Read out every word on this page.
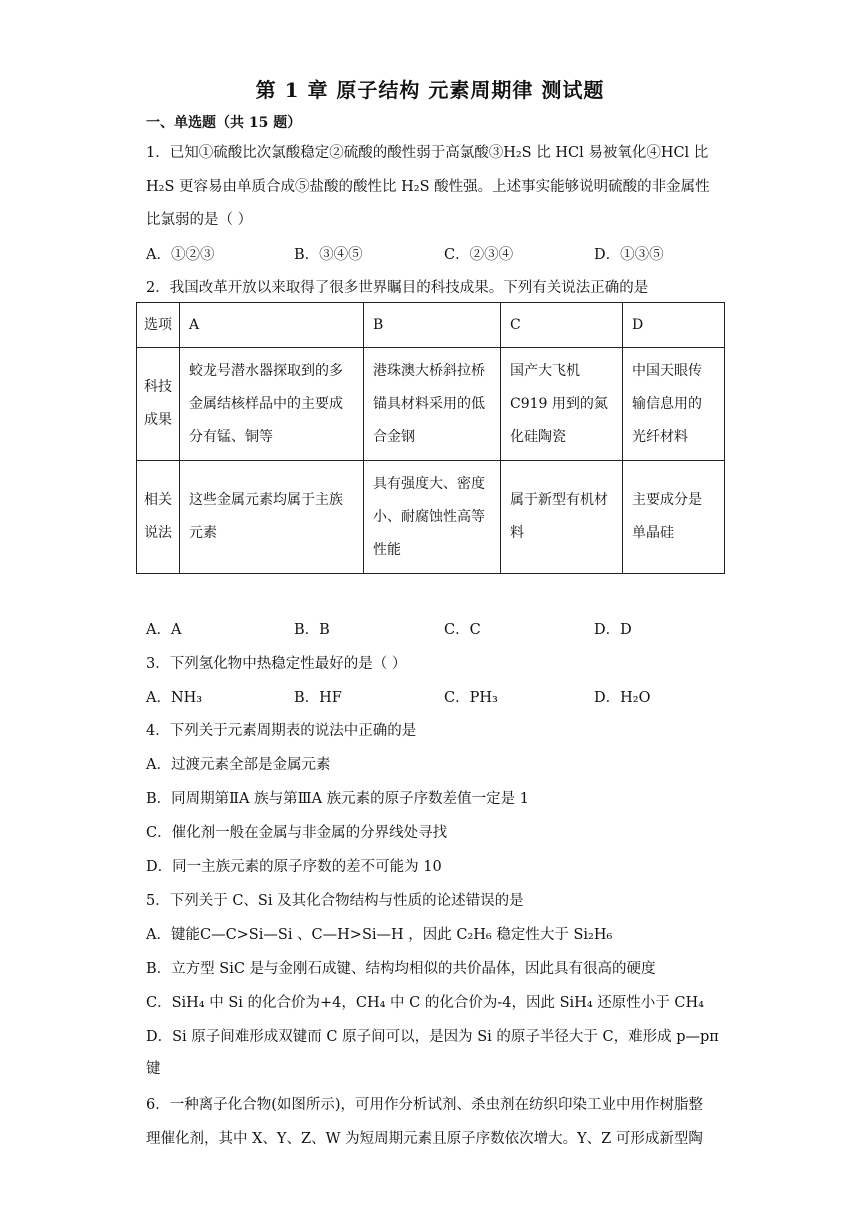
第 1 章 原子结构 元素周期律 测试题
一、单选题（共 15 题）
1．已知①硫酸比次氯酸稳定②硫酸的酸性弱于高氯酸③H₂S 比 HCl 易被氧化④HCl 比
H₂S 更容易由单质合成⑤盐酸的酸性比 H₂S 酸性强。上述事实能够说明硫酸的非金属性
比氯弱的是（ ）
A．①②③	B．③④⑤	C．②③④	D．①③⑤
2．我国改革开放以来取得了很多世界瞩目的科技成果。下列有关说法正确的是
选项	A	B	C	D
科技成果	蛟龙号潜水器探取到的多金属结核样品中的主要成分有锰、铜等	港珠澳大桥斜拉桥锚具材料采用的低合金钢	国产大飞机C919 用到的氮化硅陶瓷	中国天眼传输信息用的光纤材料
相关说法	这些金属元素均属于主族元素	具有强度大、密度小、耐腐蚀性高等性能	属于新型有机材料	主要成分是单晶硅
A．A	B．B	C．C	D．D
3．下列氢化物中热稳定性最好的是（ ）
A．NH₃	B．HF	C．PH₃	D．H₂O
4．下列关于元素周期表的说法中正确的是
A．过渡元素全部是金属元素
B．同周期第ⅡA 族与第ⅢA 族元素的原子序数差值一定是 1
C．催化剂一般在金属与非金属的分界线处寻找
D．同一主族元素的原子序数的差不可能为 10
5．下列关于 C、Si 及其化合物结构与性质的论述错误的是
A．键能C—C>Si—Si 、C—H>Si—H ，因此 C₂H₆ 稳定性大于 Si₂H₆
B．立方型 SiC 是与金刚石成键、结构均相似的共价晶体，因此具有很高的硬度
C．SiH₄ 中 Si 的化合价为+4，CH₄ 中 C 的化合价为-4，因此 SiH₄ 还原性小于 CH₄
D．Si 原子间难形成双键而 C 原子间可以，是因为 Si 的原子半径大于 C，难形成 p—pπ
键
6．一种离子化合物(如图所示)，可用作分析试剂、杀虫剂在纺织印染工业中用作树脂整
理催化剂，其中 X、Y、Z、W 为短周期元素且原子序数依次增大。Y、Z 可形成新型陶
